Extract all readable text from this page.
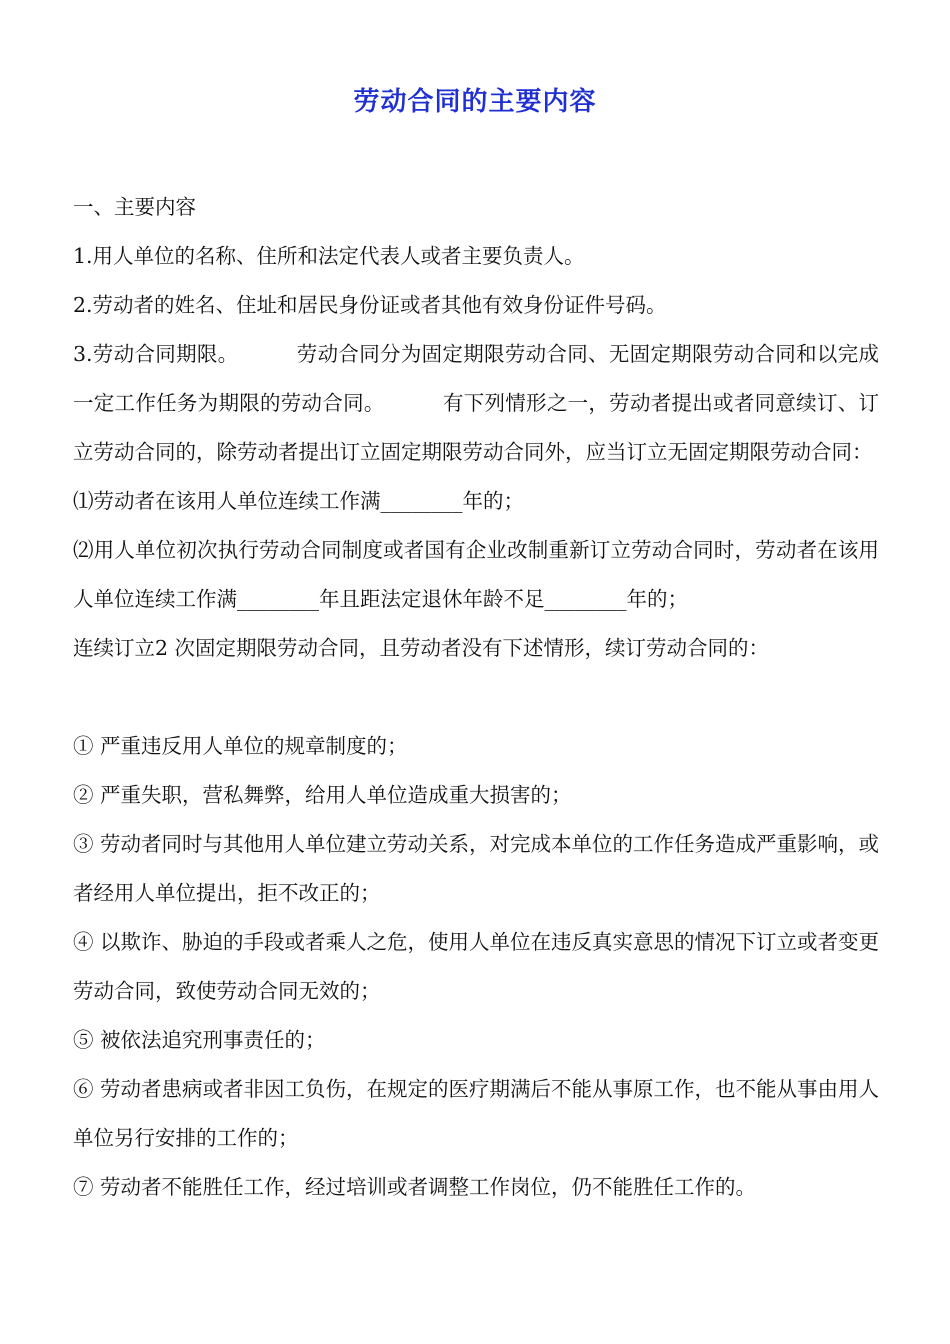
劳动合同的主要内容

一、主要内容

1.用人单位的名称、住所和法定代表人或者主要负责人。

2.劳动者的姓名、住址和居民身份证或者其他有效身份证件号码。

3.劳动合同期限。	劳动合同分为固定期限劳动合同、无固定期限劳动合同和以完成一定工作任务为期限的劳动合同。	有下列情形之一，劳动者提出或者同意续订、订立劳动合同的，除劳动者提出订立固定期限劳动合同外，应当订立无固定期限劳动合同：

⑴劳动者在该用人单位连续工作满________年的；

⑵用人单位初次执行劳动合同制度或者国有企业改制重新订立劳动合同时，劳动者在该用人单位连续工作满________年且距法定退休年龄不足________年的；

连续订立2 次固定期限劳动合同，且劳动者没有下述情形，续订劳动合同的：

① 严重违反用人单位的规章制度的；

② 严重失职，营私舞弊，给用人单位造成重大损害的；

③ 劳动者同时与其他用人单位建立劳动关系，对完成本单位的工作任务造成严重影响，或者经用人单位提出，拒不改正的；

④ 以欺诈、胁迫的手段或者乘人之危，使用人单位在违反真实意思的情况下订立或者变更劳动合同，致使劳动合同无效的；

⑤ 被依法追究刑事责任的；

⑥ 劳动者患病或者非因工负伤，在规定的医疗期满后不能从事原工作，也不能从事由用人单位另行安排的工作的；

⑦ 劳动者不能胜任工作，经过培训或者调整工作岗位，仍不能胜任工作的。
